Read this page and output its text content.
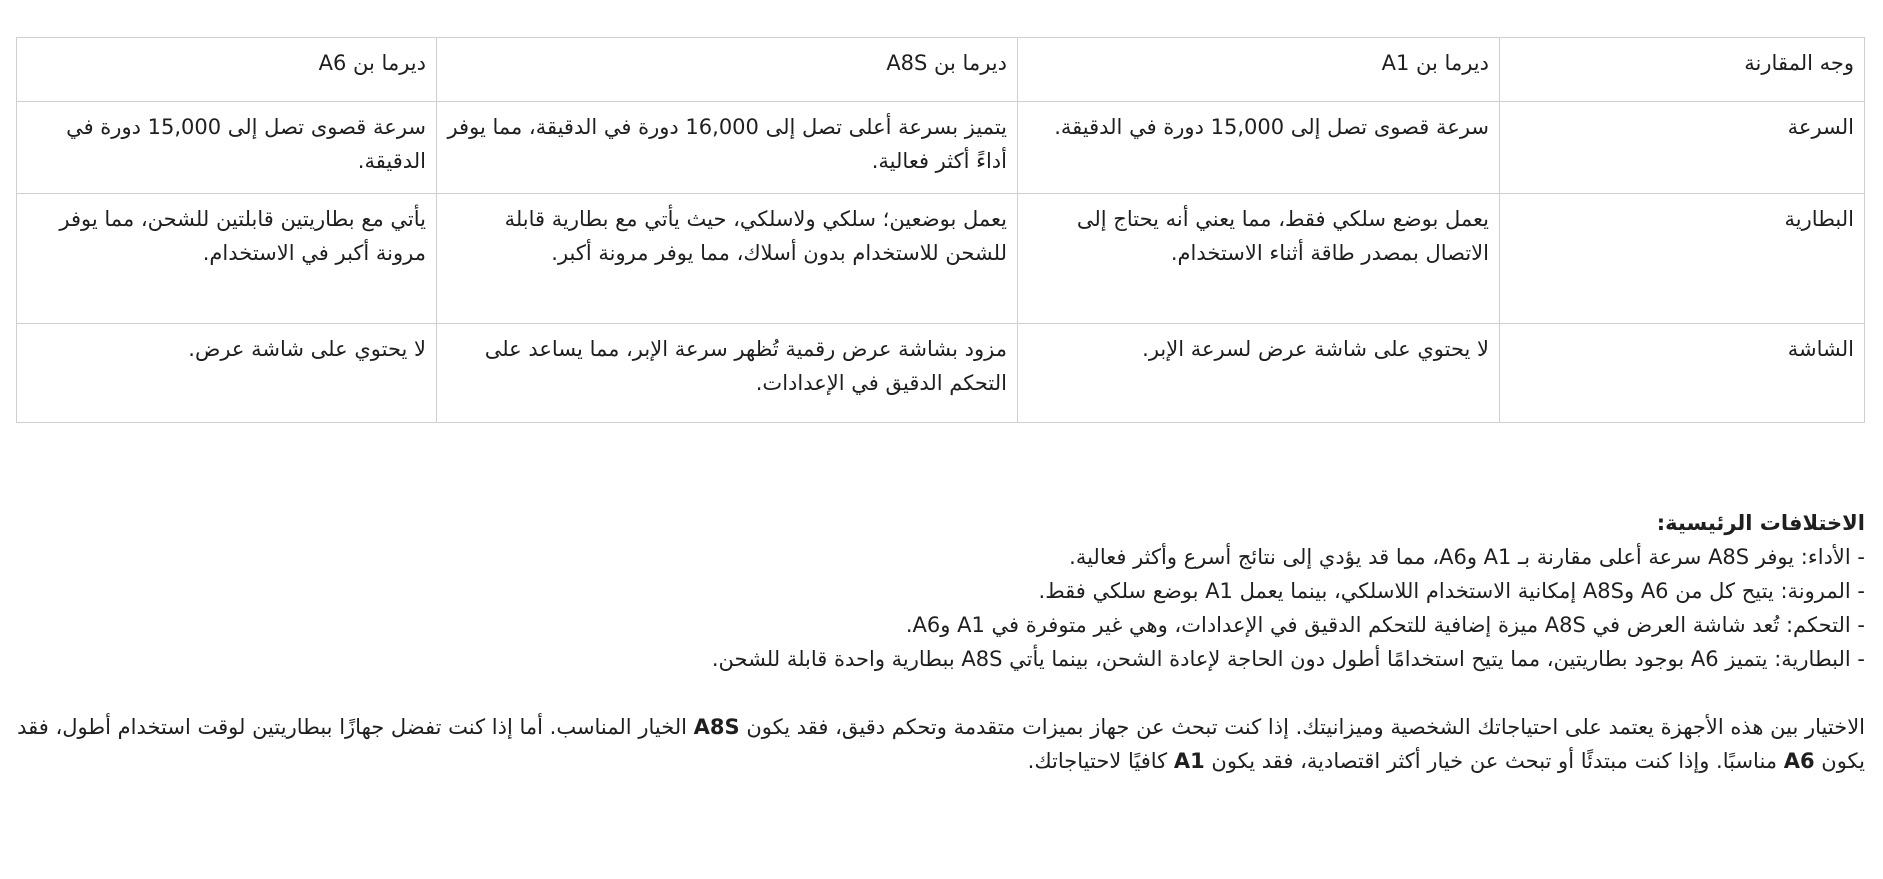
وجه المقارنة	ديرما بن A1	ديرما بن A8S	ديرما بن A6
السرعة	سرعة قصوى تصل إلى 15,000 دورة في الدقيقة.	يتميز بسرعة أعلى تصل إلى 16,000 دورة في الدقيقة، مما يوفر أداءً أكثر فعالية.	سرعة قصوى تصل إلى 15,000 دورة في الدقيقة.
البطارية	يعمل بوضع سلكي فقط، مما يعني أنه يحتاج إلى الاتصال بمصدر طاقة أثناء الاستخدام.	يعمل بوضعين؛ سلكي ولاسلكي، حيث يأتي مع بطارية قابلة للشحن للاستخدام بدون أسلاك، مما يوفر مرونة أكبر.	يأتي مع بطاريتين قابلتين للشحن، مما يوفر مرونة أكبر في الاستخدام.
الشاشة	لا يحتوي على شاشة عرض لسرعة الإبر.	مزود بشاشة عرض رقمية تُظهر سرعة الإبر، مما يساعد على التحكم الدقيق في الإعدادات.	لا يحتوي على شاشة عرض.
الاختلافات الرئيسية:
- الأداء: يوفر A8S سرعة أعلى مقارنة بـ A1 وA6، مما قد يؤدي إلى نتائج أسرع وأكثر فعالية.
- المرونة: يتيح كل من A6 وA8S إمكانية الاستخدام اللاسلكي، بينما يعمل A1 بوضع سلكي فقط.
- التحكم: تُعد شاشة العرض في A8S ميزة إضافية للتحكم الدقيق في الإعدادات، وهي غير متوفرة في A1 وA6.
- البطارية: يتميز A6 بوجود بطاريتين، مما يتيح استخدامًا أطول دون الحاجة لإعادة الشحن، بينما يأتي A8S ببطارية واحدة قابلة للشحن.
الاختيار بين هذه الأجهزة يعتمد على احتياجاتك الشخصية وميزانيتك. إذا كنت تبحث عن جهاز بميزات متقدمة وتحكم دقيق، فقد يكون A8S الخيار المناسب. أما إذا كنت تفضل جهازًا ببطاريتين لوقت استخدام أطول، فقد يكون A6 مناسبًا. وإذا كنت مبتدئًا أو تبحث عن خيار أكثر اقتصادية، فقد يكون A1 كافيًا لاحتياجاتك.
